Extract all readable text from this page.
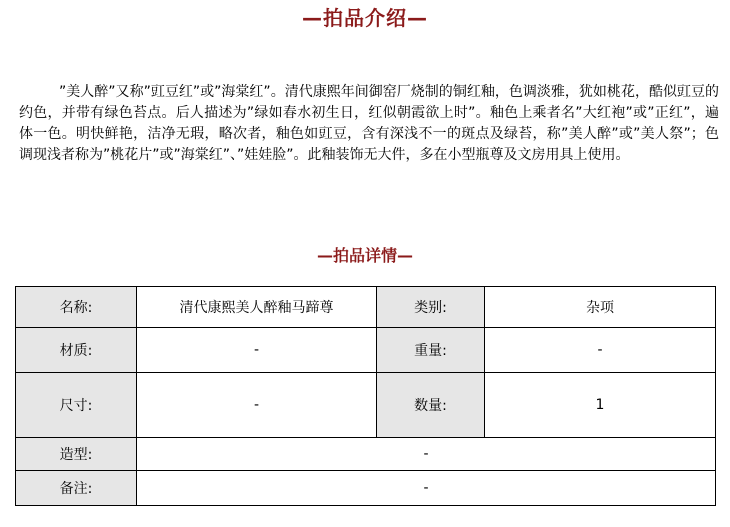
—拍品介绍—

”美人醉”又称”豇豆红”或”海棠红”。清代康熙年间御窑厂烧制的铜红釉，色调淡雅，犹如桃花，酷似豇豆的约色，并带有绿色苔点。后人描述为”绿如春水初生日，红似朝霞欲上时”。釉色上乘者名”大红袍”或”正红”，遍体一色。明快鲜艳，洁净无瑕，略次者，釉色如豇豆，含有深浅不一的斑点及绿苔，称”美人醉”或”美人祭”；色调现浅者称为”桃花片”或”海棠红”、”娃娃脸”。此釉装饰无大件，多在小型瓶尊及文房用具上使用。

—拍品详情—
名称:	清代康熙美人醉釉马蹄尊	类别:	杂项
材质:	-	重量:	-
尺寸:	-	数量:	1
造型:	-		
备注:	-		
